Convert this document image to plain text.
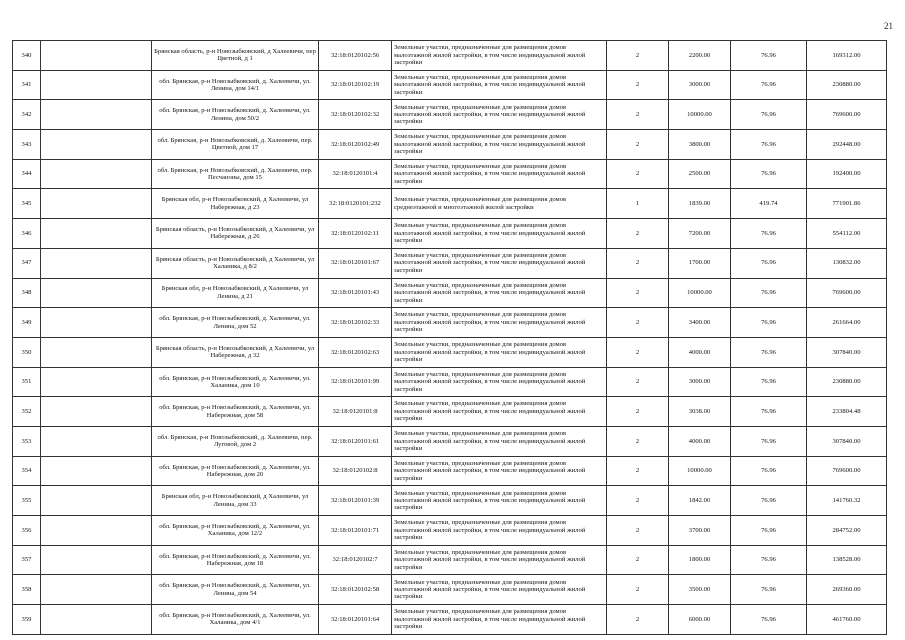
21
340		Брянская область, р-н Новозыбковский, д Халеевичи, пер Цветной, д 1	32:18:0120102:56	Земельные участки, предназначенные для размещения домов малоэтажной жилой застройки, в том числе индивидуальной жилой застройки	2	2200.00	76.96	169312.00
341		обл. Брянская, р-н Новозыбковский, д. Халеевичи, ул. Ленина, дом 14/1	32:18:0120102:19	Земельные участки, предназначенные для размещения домов малоэтажной жилой застройки, в том числе индивидуальной жилой застройки	2	3000.00	76.96	230880.00
342		обл. Брянская, р-н Новозыбковский, д. Халеевичи, ул. Ленина, дом 50/2	32:18:0120102:32	Земельные участки, предназначенные для размещения домов малоэтажной жилой застройки, в том числе индивидуальной жилой застройки	2	10000.00	76.96	769600.00
343		обл. Брянская, р-н Новозыбковский, д. Халеевичи, пер. Цветной, дом 17	32:18:0120102:49	Земельные участки, предназначенные для размещения домов малоэтажной жилой застройки, в том числе индивидуальной жилой застройки	2	3800.00	76.96	292448.00
344		обл. Брянская, р-н Новозыбковский, д. Халеевичи, пер. Песчаноны, дом 15	32:18:0120101:4	Земельные участки, предназначенные для размещения домов малоэтажной жилой застройки, в том числе индивидуальной жилой застройки	2	2500.00	76.96	192400.00
345		Брянская обл, р-н Новозыбковский, д Халеевичи, ул Набережная, д 23	32:18:0120101:232	Земельные участки, предназначенные для размещения домов среднеэтажной и многоэтажной жилой застройки	1	1839.00	419.74	771901.86
346		Брянская область, р-н Новозыбковский, д Халеевичи, ул Набережная, д 26	32:18:0120102:11	Земельные участки, предназначенные для размещения домов малоэтажной жилой застройки, в том числе индивидуальной жилой застройки	2	7200.00	76.96	554112.00
347		Брянская область, р-н Новозыбковский, д Халеевичи, ул Халаника, д 8/2	32:18:0120101:67	Земельные участки, предназначенные для размещения домов малоэтажной жилой застройки, в том числе индивидуальной жилой застройки	2	1700.00	76.96	130832.00
348		Брянская обл, р-н Новозыбковский, д Халеевичи, ул Ленина, д 21	32:18:0120101:43	Земельные участки, предназначенные для размещения домов малоэтажной жилой застройки, в том числе индивидуальной жилой застройки	2	10000.00	76.96	769600.00
349		обл. Брянская, р-н Новозыбковский, д. Халеевичи, ул. Ленина, дом 52	32:18:0120102:33	Земельные участки, предназначенные для размещения домов малоэтажной жилой застройки, в том числе индивидуальной жилой застройки	2	3400.00	76.96	261664.00
350		Брянская область, р-н Новозыбковский, д Халеевичи, ул Набережная, д 32	32:18:0120102:63	Земельные участки, предназначенные для размещения домов малоэтажной жилой застройки, в том числе индивидуальной жилой застройки	2	4000.00	76.96	307840.00
351		обл. Брянская, р-н Новозыбковский, д. Халеевичи, ул. Халаника, дом 10	32:18:0120101:99	Земельные участки, предназначенные для размещения домов малоэтажной жилой застройки, в том числе индивидуальной жилой застройки	2	3000.00	76.96	230880.00
352		обл. Брянская, р-н Новозыбковский, д. Халеевичи, ул. Набережная, дом 58	32:18:0120101:8	Земельные участки, предназначенные для размещения домов малоэтажной жилой застройки, в том числе индивидуальной жилой застройки	2	3038.00	76.96	233804.48
353		обл. Брянская, р-н Новозыбковский, д. Халеевичи, пер. Луговой, дом 2	32:18:0120101:61	Земельные участки, предназначенные для размещения домов малоэтажной жилой застройки, в том числе индивидуальной жилой застройки	2	4000.00	76.96	307840.00
354		обл. Брянская, р-н Новозыбковский, д. Халеевичи, ул. Набережная, дом 20	32:18:0120102:8	Земельные участки, предназначенные для размещения домов малоэтажной жилой застройки, в том числе индивидуальной жилой застройки	2	10000.00	76.96	769600.00
355		Брянская обл, р-н Новозыбковский, д Халеевичи, ул Ленина, дом 33	32:18:0120101:39	Земельные участки, предназначенные для размещения домов малоэтажной жилой застройки, в том числе индивидуальной жилой застройки	2	1842.00	76.96	141760.32
356		обл. Брянская, р-н Новозыбковский, д. Халеевичи, ул. Халаника, дом 12/2	32:18:0120101:71	Земельные участки, предназначенные для размещения домов малоэтажной жилой застройки, в том числе индивидуальной жилой застройки	2	3700.00	76.96	284752.00
357		обл. Брянская, р-н Новозыбковский, д. Халеевичи, ул. Набережная, дом 18	32:18:0120102:7	Земельные участки, предназначенные для размещения домов малоэтажной жилой застройки, в том числе индивидуальной жилой застройки	2	1800.00	76.96	138528.00
358		обл. Брянская, р-н Новозыбковский, д. Халеевичи, ул. Ленина, дом 54	32:18:0120102:58	Земельные участки, предназначенные для размещения домов малоэтажной жилой застройки, в том числе индивидуальной жилой застройки	2	3500.00	76.96	269360.00
359		обл. Брянская, р-н Новозыбковский, д. Халеевичи, ул. Халаника, дом 4/1	32:18:0120101:64	Земельные участки, предназначенные для размещения домов малоэтажной жилой застройки, в том числе индивидуальной жилой застройки	2	6000.00	76.96	461760.00
